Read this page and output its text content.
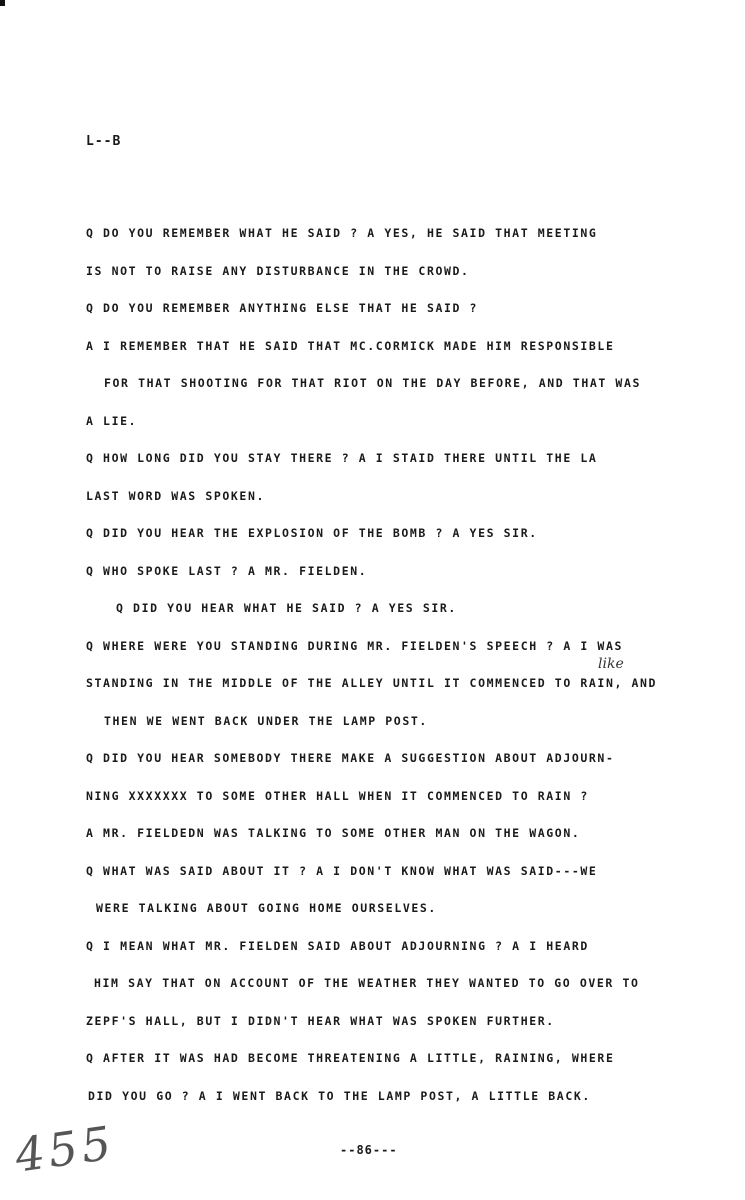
L--B
Q DO YOU REMEMBER WHAT HE SAID ? A YES, HE SAID THAT MEETING
IS NOT TO RAISE ANY DISTURBANCE IN THE CROWD.
Q DO YOU REMEMBER ANYTHING ELSE THAT HE SAID ?
A I REMEMBER THAT HE SAID THAT MC.CORMICK MADE HIM RESPONSIBLE
FOR THAT SHOOTING FOR THAT RIOT ON THE DAY BEFORE, AND THAT WAS
A LIE.
Q HOW LONG DID YOU STAY THERE ? A I STAID THERE UNTIL THE LA
LAST WORD WAS SPOKEN.
Q DID YOU HEAR THE EXPLOSION OF THE BOMB ? A YES SIR.
Q WHO SPOKE LAST ? A MR. FIELDEN.
Q DID YOU HEAR WHAT HE SAID ? A YES SIR.
Q WHERE WERE YOU STANDING DURING MR. FIELDEN'S SPEECH ? A I WAS
STANDING IN THE MIDDLE OF THE ALLEY UNTIL IT COMMENCED TO RAIN, AND
THEN WE WENT BACK UNDER THE LAMP POST.
Q DID YOU HEAR SOMEBODY THERE MAKE A SUGGESTION ABOUT ADJOURN-
NING XXXXXXX TO SOME OTHER HALL WHEN IT COMMENCED TO RAIN ?
A MR. FIELDEDN WAS TALKING TO SOME OTHER MAN ON THE WAGON.
Q WHAT WAS SAID ABOUT IT ? A I DON'T KNOW WHAT WAS SAID---WE
WERE TALKING ABOUT GOING HOME OURSELVES.
Q I MEAN WHAT MR. FIELDEN SAID ABOUT ADJOURNING ? A I HEARD
HIM SAY THAT ON ACCOUNT OF THE WEATHER THEY WANTED TO GO OVER TO
ZEPF'S HALL, BUT I DIDN'T HEAR WHAT WAS SPOKEN FURTHER.
Q AFTER IT WAS HAD BECOME THREATENING A LITTLE, RAINING, WHERE
DID YOU GO ? A I WENT BACK TO THE LAMP POST, A LITTLE BACK.
like
455	--86---
